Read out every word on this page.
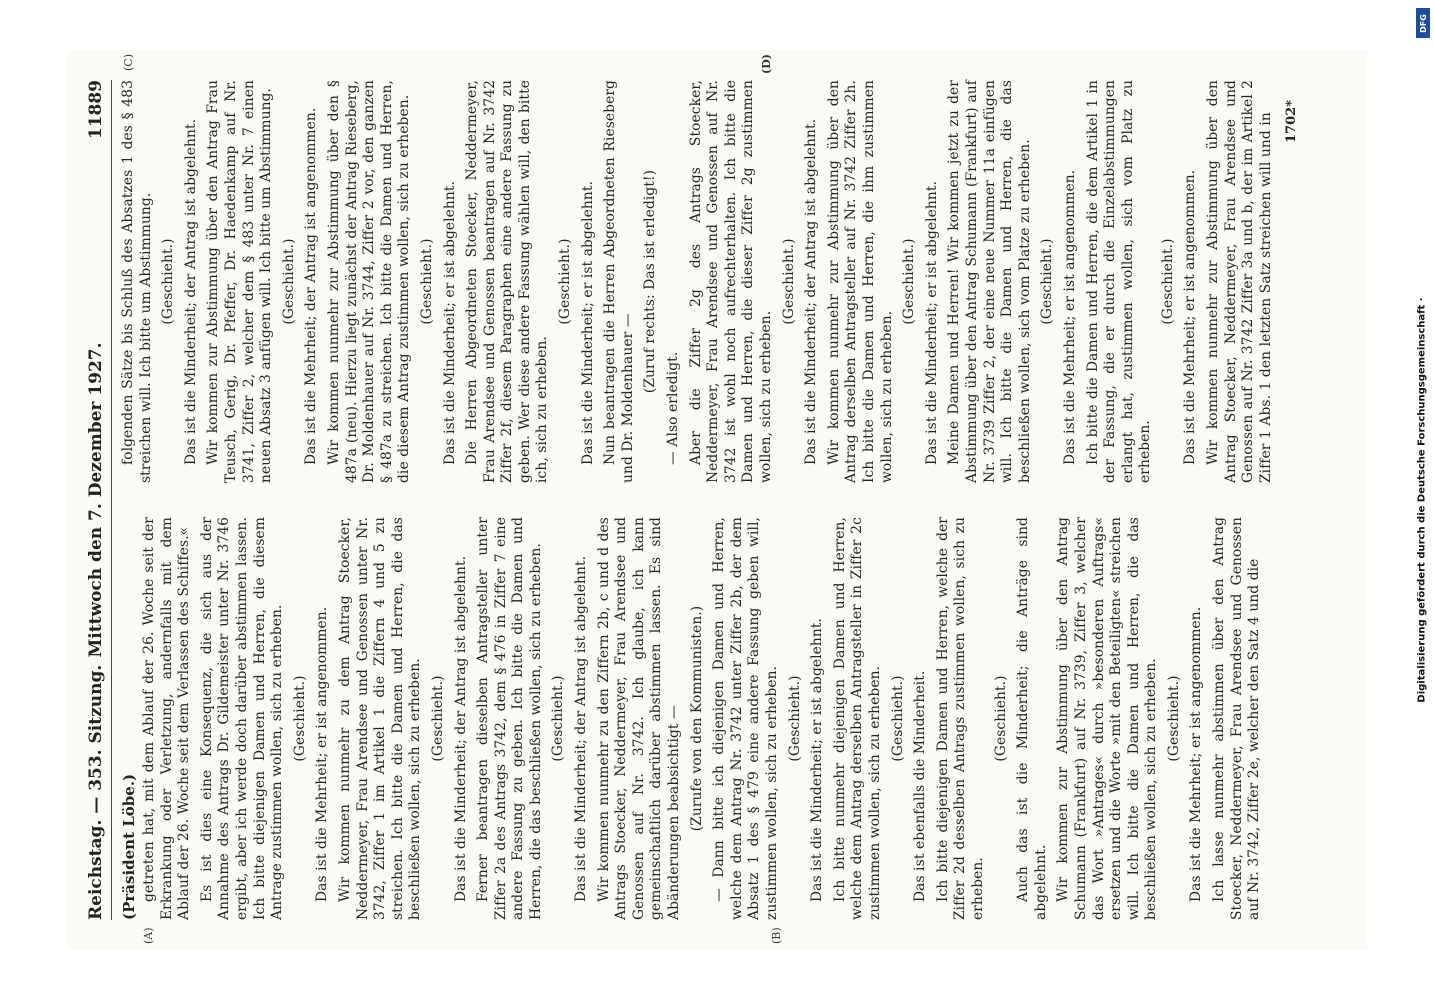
Reichstag. — 353. Sitzung.
Mittwoch den 7. Dezember 1927.
11889
(A)	(B)
(Präsident Löbe.) getreten hat, mit dem Ablauf der 26. Woche seit der Erkrankung oder Verletzung, andernfalls mit dem Ablauf der 26. Woche seit dem Verlassen des Schiffes.« Es ist dies eine Konsequenz, die sich aus der Annahme des Antrags Dr. Gildemeister unter Nr. 3746 ergibt, aber ich werde doch darüber abstimmen lassen. Ich bitte diejenigen Damen und Herren, die diesem Antrage zustimmen wollen, sich zu erheben. (Geschieht.) Das ist die Mehrheit; er ist angenommen. Wir kommen nunmehr zu dem Antrag Stoecker, Neddermeyer, Frau Arendsee und Genossen unter Nr. 3742, Ziffer 1 im Artikel 1 die Ziffern 4 und 5 zu streichen. Ich bitte die Damen und Herren, die das beschließen wollen, sich zu erheben. (Geschieht.) Das ist die Minderheit; der Antrag ist abgelehnt. Ferner beantragen dieselben Antragsteller unter Ziffer 2a des Antrags 3742, dem § 476 in Ziffer 7 eine andere Fassung zu geben. Ich bitte die Damen und Herren, die das beschließen wollen, sich zu erheben. (Geschieht.) Das ist die Minderheit; der Antrag ist abgelehnt. Wir kommen nunmehr zu den Ziffern 2b, c und d des Antrags Stoecker, Neddermeyer, Frau Arendsee und Genossen auf Nr. 3742. Ich glaube, ich kann gemeinschaftlich darüber abstimmen lassen. Es sind Abänderungen beabsichtigt — (Zurufe von den Kommunisten.) — Dann bitte ich diejenigen Damen und Herren, welche dem Antrag Nr. 3742 unter Ziffer 2b, der dem Absatz 1 des § 479 eine andere Fassung geben will, zustimmen wollen, sich zu erheben. (Geschieht.) Das ist die Minderheit; er ist abgelehnt. Ich bitte nunmehr diejenigen Damen und Herren, welche dem Antrag derselben Antragsteller in Ziffer 2c zustimmen wollen, sich zu erheben. (Geschieht.) Das ist ebenfalls die Minderheit. Ich bitte diejenigen Damen und Herren, welche der Ziffer 2d desselben Antrags zustimmen wollen, sich zu erheben.

(Geschieht.) Auch das ist die Minderheit; die Anträge sind abgelehnt. Wir kommen zur Abstimmung über den Antrag Schumann (Frankfurt) auf Nr. 3739, Ziffer 3, welcher das Wort »Antrages« durch »besonderen Auftrags« ersetzen und die Worte »mit den Beteiligten« streichen will. Ich bitte die Damen und Herren, die das beschließen wollen, sich zu erheben. (Geschieht.) Das ist die Mehrheit; er ist angenommen. Ich lasse nunmehr abstimmen über den Antrag Stoecker, Neddermeyer, Frau Arendsee und Genossen auf Nr. 3742, Ziffer 2e, welcher den Satz 4 und die

(C)	(D)

folgenden Sätze bis Schluß des Absatzes 1 des § 483 streichen will. Ich bitte um Abstimmung. (Geschieht.) Das ist die Minderheit; der Antrag ist abgelehnt. Wir kommen zur Abstimmung über den Antrag Frau Teusch, Gerig, Dr. Pfeffer, Dr. Haedenkamp auf Nr. 3741, Ziffer 2, welcher dem § 483 unter Nr. 7 einen neuen Absatz 3 anfügen will. Ich bitte um Abstimmung. (Geschieht.) Das ist die Mehrheit; der Antrag ist angenommen. Wir kommen nunmehr zur Abstimmung über den § 487a (neu). Hierzu liegt zunächst der Antrag Rieseberg, Dr. Moldenhauer auf Nr. 3744, Ziffer 2 vor, den ganzen § 487a zu streichen. Ich bitte die Damen und Herren, die diesem Antrag zustimmen wollen, sich zu erheben. (Geschieht.) Das ist die Minderheit; er ist abgelehnt. Die Herren Abgeordneten Stoecker, Neddermeyer, Frau Arendsee und Genossen beantragen auf Nr. 3742 Ziffer 2f, diesem Paragraphen eine andere Fassung zu geben. Wer diese andere Fassung wählen will, den bitte ich, sich zu erheben.

(Geschieht.) Das ist die Minderheit; er ist abgelehnt. Nun beantragen die Herren Abgeordneten Rieseberg und Dr. Moldenhauer —

(Zuruf rechts: Das ist erledigt!)

— Also erledigt. Aber die Ziffer 2g des Antrags Stoecker, Neddermeyer, Frau Arendsee und Genossen auf Nr. 3742 ist wohl noch aufrechterhalten. Ich bitte die Damen und Herren, die dieser Ziffer 2g zustimmen wollen, sich zu erheben.

(Geschieht.) Das ist die Minderheit; der Antrag ist abgelehnt. Wir kommen nunmehr zur Abstimmung über den Antrag derselben Antragsteller auf Nr. 3742 Ziffer 2h. Ich bitte die Damen und Herren, die ihm zustimmen wollen, sich zu erheben.

(Geschieht.) Das ist die Minderheit; er ist abgelehnt. Meine Damen und Herren! Wir kommen jetzt zu der Abstimmung über den Antrag Schumann (Frankfurt) auf Nr. 3739 Ziffer 2, der eine neue Nummer 11a einfügen will. Ich bitte die Damen und Herren, die das beschließen wollen, sich vom Platze zu erheben. (Geschieht.) Das ist die Mehrheit; er ist angenommen. Ich bitte die Damen und Herren, die dem Artikel 1 in der Fassung, die er durch die Einzelabstimmungen erlangt hat, zustimmen wollen, sich vom Platz zu erheben.

(Geschieht.) Das ist die Mehrheit; er ist angenommen. Wir kommen nunmehr zur Abstimmung über den Antrag Stoecker, Neddermeyer, Frau Arendsee und Genossen auf Nr. 3742 Ziffer 3a und b, der im Artikel 2 Ziffer 1 Abs. 1 den letzten Satz streichen will und in 1702*
Digitalisierung gefördert durch die Deutsche Forschungsgemeinschaft ·
DFG
